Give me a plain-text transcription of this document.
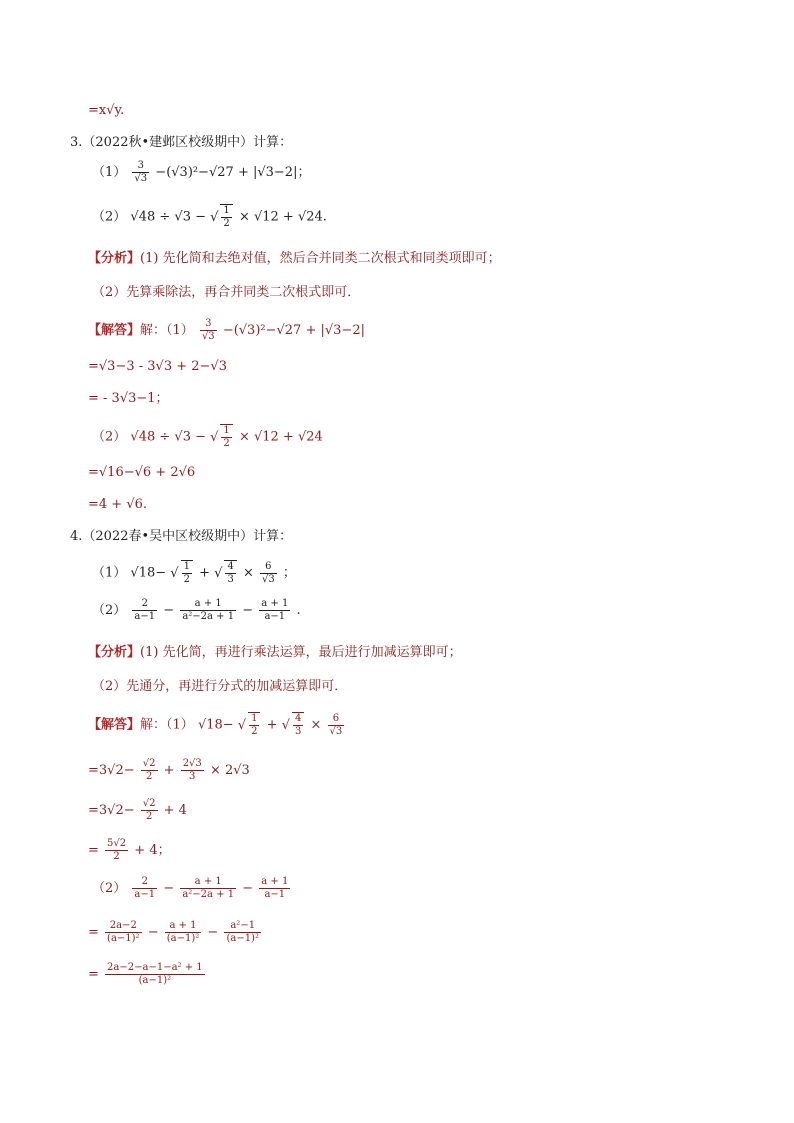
=x√y.
3.（2022秋•建邺区校级期中）计算：
$(1) \frac{3}{√3} -(√3)^2-√27 + |√3-2|$；
（2） √48 ÷ √3 − √ $\frac{1}{2} \times √12 + √24$.
【分析】(1) 先化简和去绝对值，然后合并同类二次根式和同类项即可；
（2）先算乘除法，再合并同类二次根式即可．
【解答】解：$(1) \frac{3}{√3} -(√3)^2-√27 + |√3-2|$
=√3−3 - 3√3 + 2−√3
= - 3√3−1；
（2） √48 ÷ √3 − √ $\frac{1}{2} \times √12 + √24$
=√16−√6 + 2√6
=4 + √6.
4.（2022春•吴中区校级期中）计算：
（1） √18− √ $\frac{1}{2}$ + √ $\frac{4}{3} \times \frac{6}{√3}$ ；
$(2) \frac{2}{a-1} - \frac{a + 1}{\text{a²−2a + 1}} - \frac{a + 1}{a-1}$ .
【分析】(1) 先化简，再进行乘法运算，最后进行加减运算即可；
（2）先通分，再进行分式的加减运算即可．
【解答】解：（1） √18− √ $\frac{1}{2}$ + √ $\frac{4}{3} \times \frac{6}{√3}$
$=3√2- \frac{√2}{2} + \frac{2√3}{3} \times 2√3$
$=3√2- \frac{√2}{2} + 4$
= $\frac{5√2}{2} + 4$；
$(2) \frac{2}{a-1} - \frac{a + 1}{\text{a²−2a + 1}} - \frac{a + 1}{a-1}$
= $\frac{2a-2}{\text{(a−1)²}} - \frac{a + 1}{\text{(a−1)²}} - \frac{\text{a²−1}}{\text{(a−1)²}}$
= $\frac{\text{2a−2−a−1−a² + 1}}{\text{(a−1)²}}$
